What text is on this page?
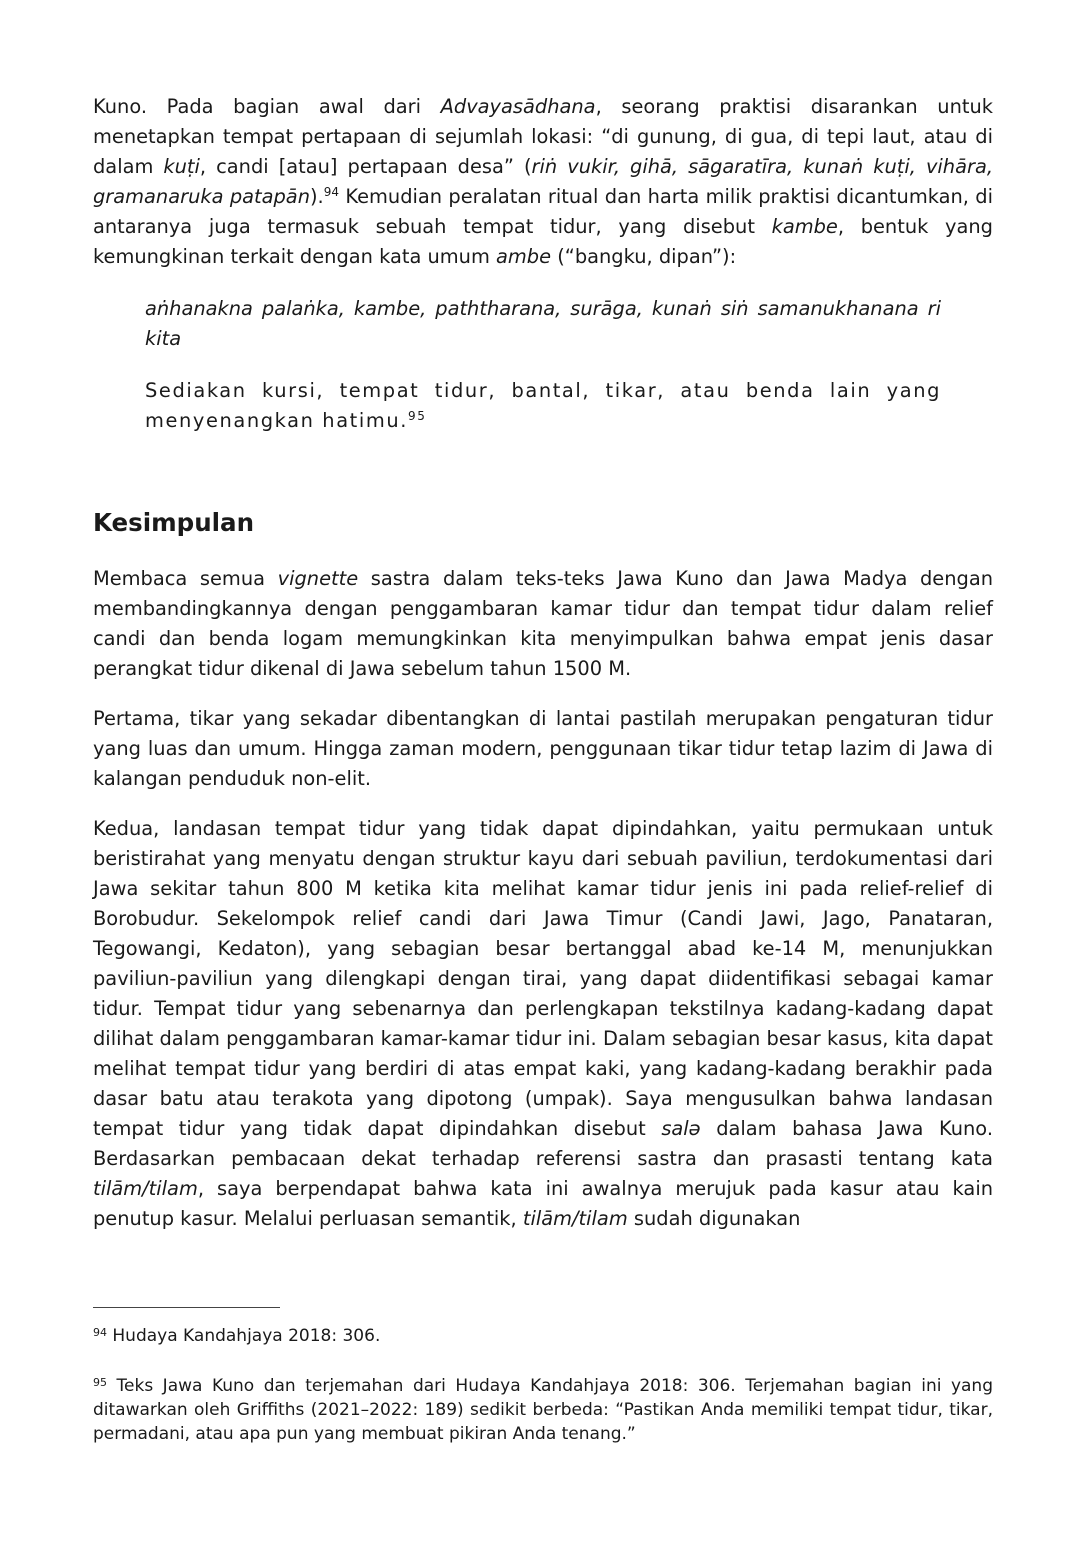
Kuno. Pada bagian awal dari Advayasādhana, seorang praktisi disarankan untuk menetapkan tempat pertapaan di sejumlah lokasi: “di gunung, di gua, di tepi laut, atau di dalam kuṭi, candi [atau] pertapaan desa” (riṅ vukir, gihā, sāgaratīra, kunaṅ kuṭi, vihāra, gramanaruka patapān).$^{94}$ Kemudian peralatan ritual dan harta milik praktisi dicantumkan, di antaranya juga termasuk sebuah tempat tidur, yang disebut kambe, bentuk yang kemungkinan terkait dengan kata umum ambe (“bangku, dipan”):

aṅhanakna palaṅka, kambe, paththarana, surāga, kunaṅ siṅ samanukhanana ri kita

Sediakan kursi, tempat tidur, bantal, tikar, atau benda lain yang menyenangkan hatimu.$^{95}$

Kesimpulan

Membaca semua vignette sastra dalam teks-teks Jawa Kuno dan Jawa Madya dengan membandingkannya dengan penggambaran kamar tidur dan tempat tidur dalam relief candi dan benda logam memungkinkan kita menyimpulkan bahwa empat jenis dasar perangkat tidur dikenal di Jawa sebelum tahun 1500 M.

Pertama, tikar yang sekadar dibentangkan di lantai pastilah merupakan pengaturan tidur yang luas dan umum. Hingga zaman modern, penggunaan tikar tidur tetap lazim di Jawa di kalangan penduduk non-elit.

Kedua, landasan tempat tidur yang tidak dapat dipindahkan, yaitu permukaan untuk beristirahat yang menyatu dengan struktur kayu dari sebuah paviliun, terdokumentasi dari Jawa sekitar tahun 800 M ketika kita melihat kamar tidur jenis ini pada relief-relief di Borobudur. Sekelompok relief candi dari Jawa Timur (Candi Jawi, Jago, Panataran, Tegowangi, Kedaton), yang sebagian besar bertanggal abad ke-14 M, menunjukkan paviliun-paviliun yang dilengkapi dengan tirai, yang dapat diidentifikasi sebagai kamar tidur. Tempat tidur yang sebenarnya dan perlengkapan tekstilnya kadang-kadang dapat dilihat dalam penggambaran kamar-kamar tidur ini. Dalam sebagian besar kasus, kita dapat melihat tempat tidur yang berdiri di atas empat kaki, yang kadang-kadang berakhir pada dasar batu atau terakota yang dipotong (umpak). Saya mengusulkan bahwa landasan tempat tidur yang tidak dapat dipindahkan disebut salə dalam bahasa Jawa Kuno. Berdasarkan pembacaan dekat terhadap referensi sastra dan prasasti tentang kata tilām/tilam, saya berpendapat bahwa kata ini awalnya merujuk pada kasur atau kain penutup kasur. Melalui perluasan semantik, tilām/tilam sudah digunakan

$^{94}$ Hudaya Kandahjaya 2018: 306.

$^{95}$ Teks Jawa Kuno dan terjemahan dari Hudaya Kandahjaya 2018: 306. Terjemahan bagian ini yang ditawarkan oleh Griffiths (2021–2022: 189) sedikit berbeda: “Pastikan Anda memiliki tempat tidur, tikar, permadani, atau apa pun yang membuat pikiran Anda tenang.”
